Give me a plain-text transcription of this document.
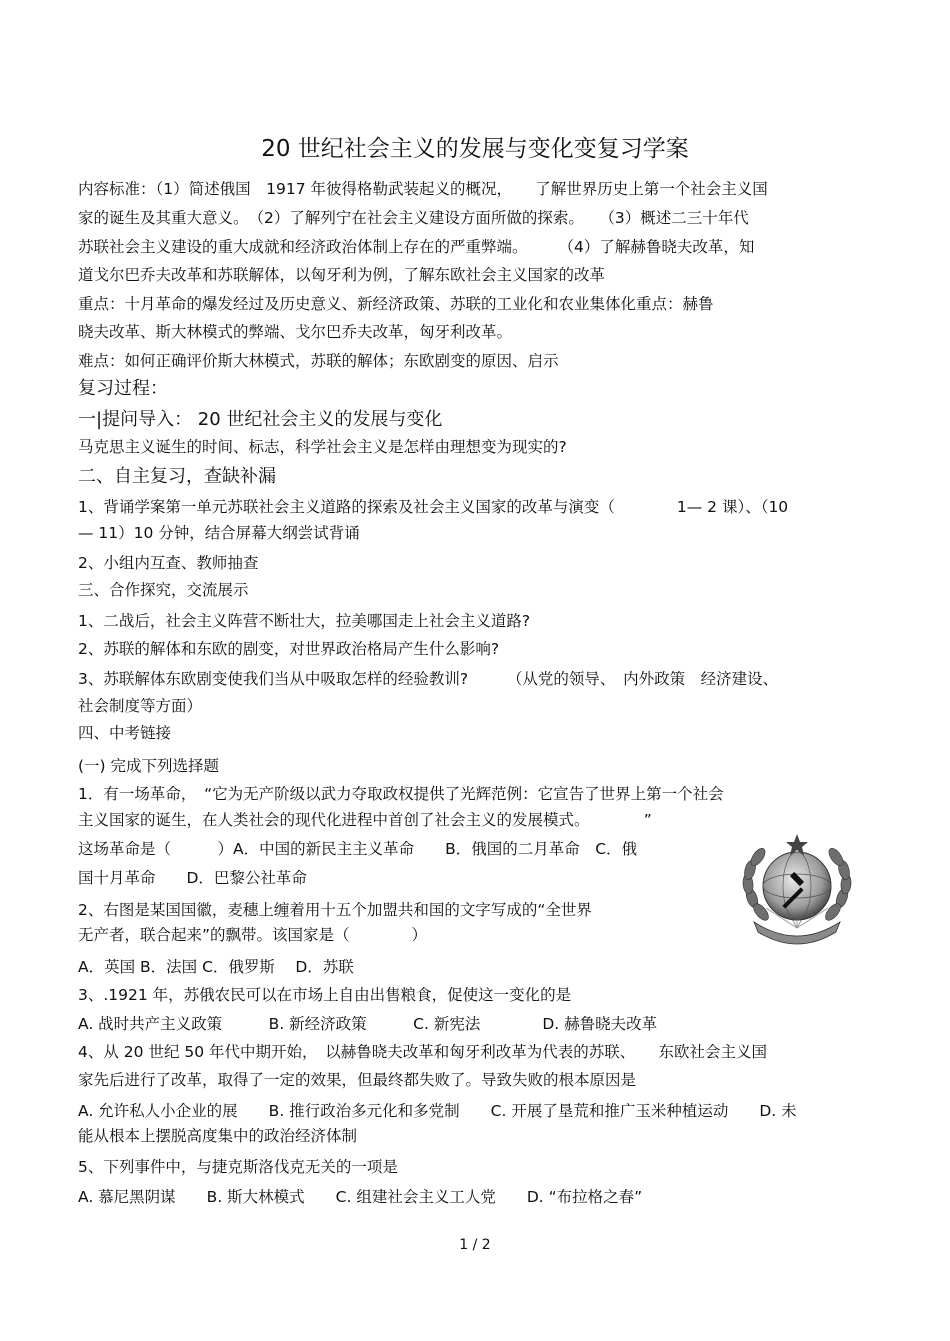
20 世纪社会主义的发展与变化变复习学案
内容标准：（1）简述俄国　1917 年彼得格勒武装起义的概况，　　了解世界历史上第一个社会主义国
家的诞生及其重大意义。　（2）了解列宁在社会主义建设方面所做的探索。　　（3）概述二三十年代
苏联社会主义建设的重大成就和经济政治体制上存在的严重弊端。　　　（4）了解赫鲁晓夫改革，知
道戈尔巴乔夫改革和苏联解体，以匈牙利为例，了解东欧社会主义国家的改革
重点：十月革命的爆发经过及历史意义、新经济政策、苏联的工业化和农业集体化重点：赫鲁
晓夫改革、斯大林模式的弊端、戈尔巴乔夫改革，匈牙利改革。
难点：如何正确评价斯大林模式，苏联的解体；东欧剧变的原因、启示
复习过程：
一|提问导入： 20 世纪社会主义的发展与变化
马克思主义诞生的时间、标志，科学社会主义是怎样由理想变为现实的?
二、自主复习，查缺补漏
1、背诵学案第一单元苏联社会主义道路的探索及社会主义国家的改革与演变（　　　　1— 2 课）、（10
— 11）10 分钟，结合屏幕大纲尝试背诵
2、小组内互查、教师抽查
三、合作探究，交流展示
1、二战后，社会主义阵营不断壮大，拉美哪国走上社会主义道路?
2、苏联的解体和东欧的剧变，对世界政治格局产生什么影响?
3、苏联解体东欧剧变使我们当从中吸取怎样的经验教训?　　　（从党的领导、　内外政策　经济建设、
社会制度等方面）
四、中考链接
(一) 完成下列选择题
1．有一场革命，　“它为无产阶级以武力夺取政权提供了光辉范例：它宣告了世界上第一个社会
主义国家的诞生，在人类社会的现代化进程中首创了社会主义的发展模式。　　　　”
这场革命是（　　　）A．中国的新民主主义革命　　B．俄国的二月革命　C．俄
国十月革命　　D．巴黎公社革命
2、右图是某国国徽，麦穗上缠着用十五个加盟共和国的文字写成的“全世界
无产者，联合起来”的飘带。该国家是（　　　　）
A．英国 B．法国 C．俄罗斯　 D．苏联
3、.1921 年，苏俄农民可以在市场上自由出售粮食，促使这一变化的是
A. 战时共产主义政策　　　B. 新经济政策　　　C. 新宪法　　　　D. 赫鲁晓夫改革
4、从 20 世纪 50 年代中期开始，　以赫鲁晓夫改革和匈牙利改革为代表的苏联、　　东欧社会主义国
家先后进行了改革，取得了一定的效果，但最终都失败了。导致失败的根本原因是
A. 允许私人小企业的展　　B. 推行政治多元化和多党制　　C. 开展了垦荒和推广玉米种植运动　　D. 未
能从根本上摆脱高度集中的政治经济体制
5、下列事件中，与捷克斯洛伐克无关的一项是
A. 慕尼黑阴谋　　B. 斯大林模式　　C. 组建社会主义工人党　　D. “布拉格之春”
1 / 2
